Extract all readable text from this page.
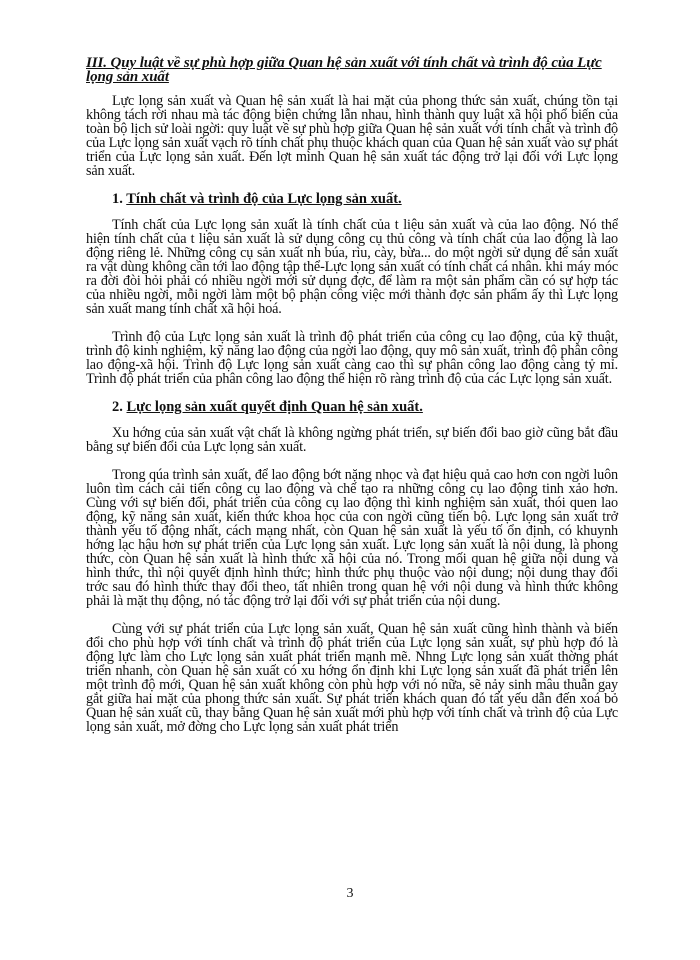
III. Quy luật về sự phù hợp giữa Quan hệ sản xuất với tính chất và trình độ của Lực lọng sản xuất

Lực lọng sản xuất và Quan hệ sản xuất là hai mặt của phong thức sản xuất, chúng tồn tại không tách rời nhau mà tác động biện chứng lẫn nhau, hình thành quy luật xã hội phổ biến của toàn bộ lịch sử loài ngời: quy luật về sự phù hợp giữa Quan hệ sản xuất với tính chất và trình độ của Lực lọng sản xuất vạch rõ tính chất phụ thuộc khách quan của Quan hệ sản xuất vào sự phát triển của Lực lọng sản xuất. Đến lợt mình Quan hệ sản xuất tác động trở lại đối với Lực lọng sản xuất.

1. Tính chất và trình độ của Lực lọng sản xuất.

Tính chất của Lực lọng sản xuất là tính chất của t liệu sản xuất và của lao động. Nó thể hiện tính chất của t liệu sản xuất là sử dụng công cụ thủ công và tính chất của lao động là lao động riêng lẻ. Những công cụ sản xuất nh búa, rìu, cày, bừa... do một ngời sử dụng để sản xuất ra vật dùng không cần tới lao động tập thể-Lực lọng sản xuất có tính chất cá nhân. khi máy móc ra đời đòi hỏi phải có nhiều ngời mới sử dụng đợc, để làm ra một sản phẩm cần có sự hợp tác của nhiều ngời, mỗi ngời làm một bộ phận công việc mới thành đợc sản phẩm ấy thì Lực lọng sản xuất mang tính chất xã hội hoá.

Trình độ của Lực lọng sản xuất là trình độ phát triển của công cụ lao động, của kỹ thuật, trình độ kinh nghiệm, kỹ năng lao động của ngời lao động, quy mô sản xuất, trình độ phân công lao động-xã hội. Trình độ Lực lọng sản xuất càng cao thì sự phân công lao động càng tỷ mỉ. Trình độ phát triển của phân công lao động thể hiện rõ ràng trình độ của các Lực lọng sản xuất.

2. Lực lọng sản xuất quyết định Quan hệ sản xuất.

Xu hớng của sản xuất vật chất là không ngừng phát triển, sự biến đổi bao giờ cũng bắt đầu bằng sự biến đổi của Lực lọng sản xuất.

Trong qúa trình sản xuất, để lao động bớt nặng nhọc và đạt hiệu quả cao hơn con ngời luôn luôn tìm cách cải tiến công cụ lao động và chế tạo ra những công cụ lao động tinh xảo hơn. Cùng với sự biến đổi, phát triển của công cụ lao động thì kinh nghiệm sản xuất, thói quen lao động, kỹ năng sản xuất, kiến thức khoa học của con ngời cũng tiến bộ. Lực lọng sản xuất trở thành yếu tố động nhất, cách mạng nhất, còn Quan hệ sản xuất là yếu tố ổn định, có khuynh hớng lạc hậu hơn sự phát triển của Lực lọng sản xuất. Lực lọng sản xuất là nội dung, là phong thức, còn Quan hệ sản xuất là hình thức xã hội của nó. Trong mối quan hệ giữa nội dung và hình thức, thì nội quyết định hình thức; hình thức phụ thuộc vào nội dung; nội dung thay đổi trớc sau đó hình thức thay đổi theo, tất nhiên trong quan hệ với nội dung và hình thức không phải là mặt thụ động, nó tác động trở lại đối với sự phát triển của nội dung.

Cùng với sự phát triển của Lực lọng sản xuất, Quan hệ sản xuất cũng hình thành và biến đổi cho phù hợp với tính chất và trình độ phát triển của Lực lọng sản xuất, sự phù hợp đó là động lực làm cho Lực lọng sản xuất phát triển mạnh mẽ. Nhng Lực lọng sản xuất thờng phát triển nhanh, còn Quan hệ sản xuất có xu hớng ổn định khi Lực lọng sản xuất đã phát triển lên một trình độ mới, Quan hệ sản xuất không còn phù hợp với nó nữa, sẽ nảy sinh mâu thuẫn gay gắt giữa hai mặt của phong thức sản xuất. Sự phát triển khách quan đó tất yếu dẫn đến xoá bỏ Quan hệ sản xuất cũ, thay bằng Quan hệ sản xuất mới phù hợp với tính chất và trình độ của Lực lọng sản xuất, mở đờng cho Lực lọng sản xuất phát triển

3
